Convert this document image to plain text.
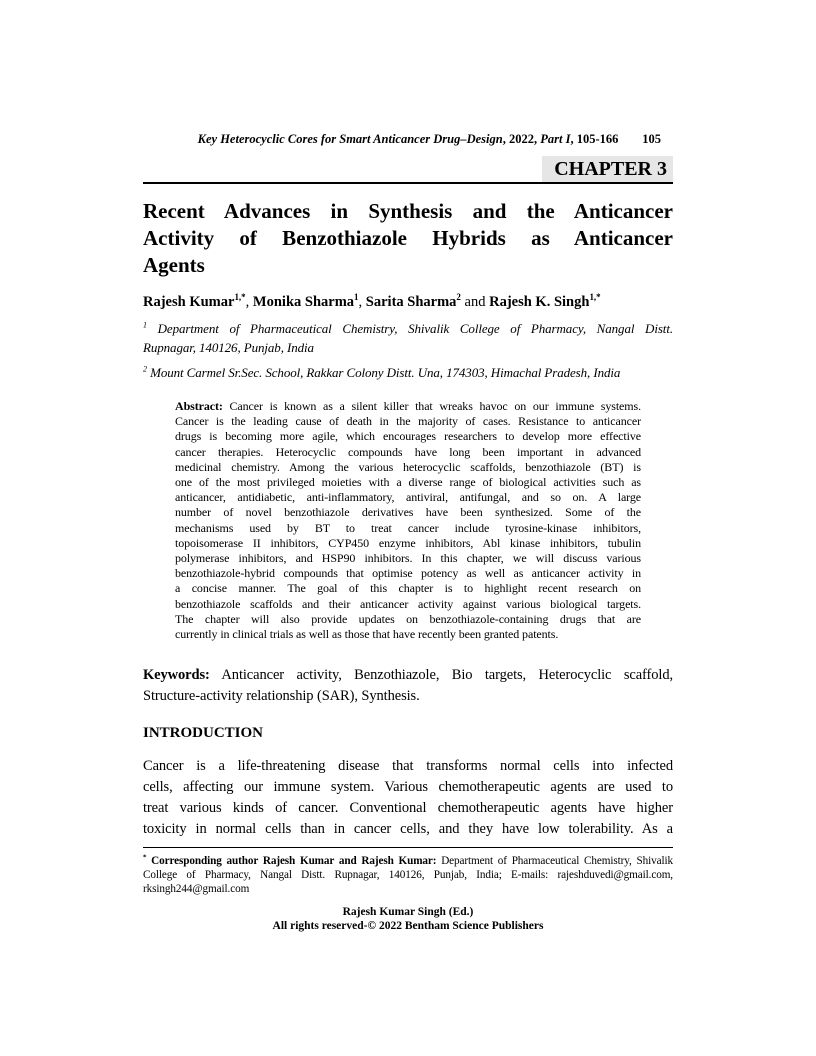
Key Heterocyclic Cores for Smart Anticancer Drug–Design, 2022, Part I, 105-166 105
CHAPTER 3
Recent Advances in Synthesis and the Anticancer
Activity of Benzothiazole Hybrids as Anticancer
Agents
Rajesh Kumar$^{1,*}$, Monika Sharma$^1$, Sarita Sharma$^2$ and Rajesh K. Singh$^{1,*}$
$^1$ Department of Pharmaceutical Chemistry, Shivalik College of Pharmacy, Nangal Distt.
Rupnagar, 140126, Punjab, India
$^2$ Mount Carmel Sr.Sec. School, Rakkar Colony Distt. Una, 174303, Himachal Pradesh, India
Abstract: Cancer is known as a silent killer that wreaks havoc on our immune systems.
Cancer is the leading cause of death in the majority of cases. Resistance to anticancer
drugs is becoming more agile, which encourages researchers to develop more effective
cancer therapies. Heterocyclic compounds have long been important in advanced
medicinal chemistry. Among the various heterocyclic scaffolds, benzothiazole (BT) is
one of the most privileged moieties with a diverse range of biological activities such as
anticancer, antidiabetic, anti-inflammatory, antiviral, antifungal, and so on. A large
number of novel benzothiazole derivatives have been synthesized. Some of the
mechanisms used by BT to treat cancer include tyrosine-kinase inhibitors,
topoisomerase II inhibitors, CYP450 enzyme inhibitors, Abl kinase inhibitors, tubulin
polymerase inhibitors, and HSP90 inhibitors. In this chapter, we will discuss various
benzothiazole-hybrid compounds that optimise potency as well as anticancer activity in
a concise manner. The goal of this chapter is to highlight recent research on
benzothiazole scaffolds and their anticancer activity against various biological targets.
The chapter will also provide updates on benzothiazole-containing drugs that are
currently in clinical trials as well as those that have recently been granted patents.
Keywords: Anticancer activity, Benzothiazole, Bio targets, Heterocyclic scaffold,
Structure-activity relationship (SAR), Synthesis.
INTRODUCTION
Cancer is a life-threatening disease that transforms normal cells into infected
cells, affecting our immune system. Various chemotherapeutic agents are used to
treat various kinds of cancer. Conventional chemotherapeutic agents have higher
toxicity in normal cells than in cancer cells, and they have low tolerability. As a
* Corresponding author Rajesh Kumar and Rajesh Kumar: Department of Pharmaceutical Chemistry, Shivalik
College of Pharmacy, Nangal Distt. Rupnagar, 140126, Punjab, India; E-mails: rajeshduvedi@gmail.com,
rksingh244@gmail.com
Rajesh Kumar Singh (Ed.)
All rights reserved-© 2022 Bentham Science Publishers
